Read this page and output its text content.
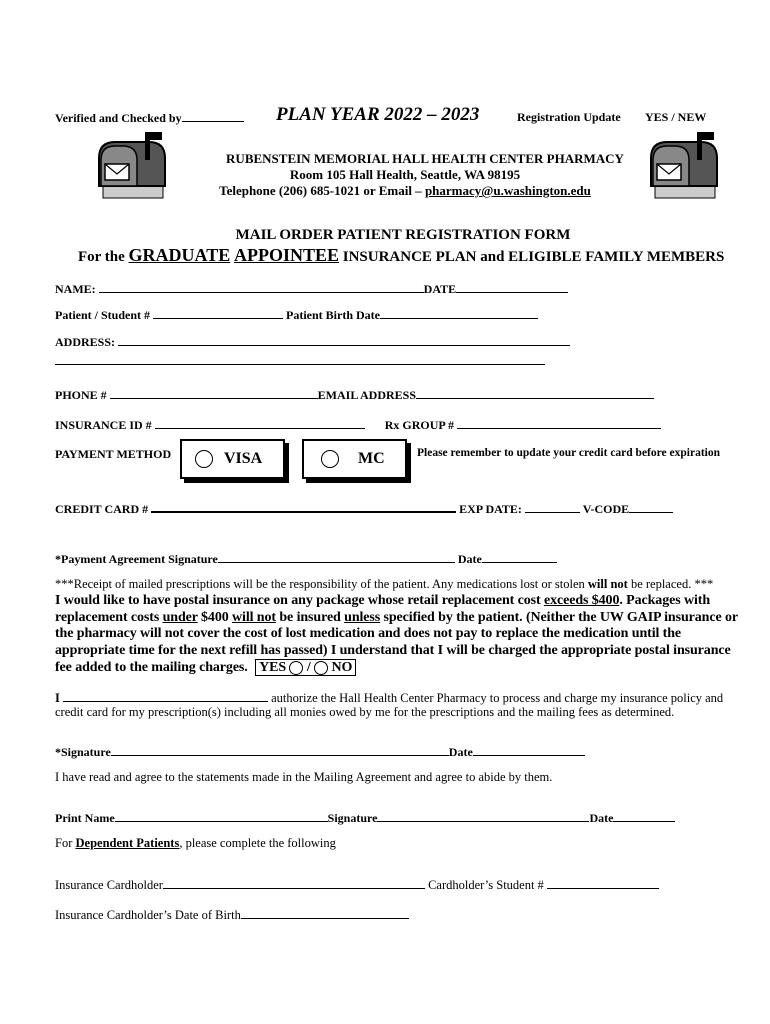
Verified and Checked by	PLAN YEAR 2022 – 2023	Registration Update YES / NEW
RUBENSTEIN MEMORIAL HALL HEALTH CENTER PHARMACY
Room 105 Hall Health, Seattle, WA 98195
Telephone (206) 685-1021 or Email – pharmacy@u.washington.edu
MAIL ORDER PATIENT REGISTRATION FORM
For the GRADUATE APPOINTEE INSURANCE PLAN and ELIGIBLE FAMILY MEMBERS
NAME:	DATE
Patient / Student #	Patient Birth Date
ADDRESS:
PHONE #	EMAIL ADDRESS
INSURANCE ID #	Rx GROUP #
PAYMENT METHOD	VISA	MC	Please remember to update your credit card before expiration
CREDIT CARD #	EXP DATE:	V-CODE
*Payment Agreement Signature	Date
***Receipt of mailed prescriptions will be the responsibility of the patient. Any medications lost or stolen will not be replaced. ***
I would like to have postal insurance on any package whose retail replacement cost exceeds $400. Packages with replacement costs under $400 will not be insured unless specified by the patient. (Neither the UW GAIP insurance or the pharmacy will not cover the cost of lost medication and does not pay to replace the medication until the appropriate time for the next refill has passed) I understand that I will be charged the appropriate postal insurance fee added to the mailing charges. YES / NO
I	authorize the Hall Health Center Pharmacy to process and charge my insurance policy and
credit card for my prescription(s) including all monies owed by me for the prescriptions and the mailing fees as determined.
*Signature	Date
I have read and agree to the statements made in the Mailing Agreement and agree to abide by them.
Print Name	Signature	Date
For Dependent Patients, please complete the following
Insurance Cardholder	Cardholder’s Student #
Insurance Cardholder’s Date of Birth
